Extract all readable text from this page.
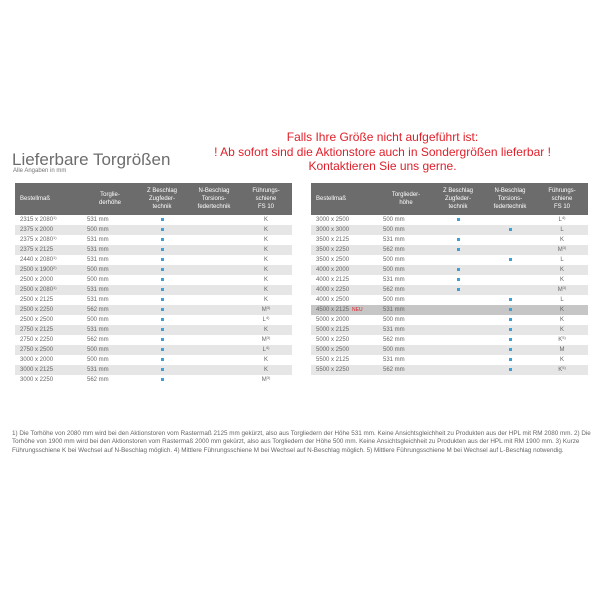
Falls Ihre Größe nicht aufgeführt ist:
! Ab sofort sind die Aktionstore auch in Sondergrößen lieferbar !
Kontaktieren Sie uns gerne.
Lieferbare Torgrößen
Alle Angaben in mm
Bestellmaß	Torglie-
derhöhe	Z Beschlag
Zugfeder-
technik	N-Beschlag
Torsions-
federtechnik	Führungs-
schiene
FS 10
2315 x 2080$^{1)}$	531 mm			K
2375 x 2000	500 mm			K
2375 x 2080$^{1)}$	531 mm			K
2375 x 2125	531 mm			K
2440 x 2080$^{1)}$	531 mm			K
2500 x 1900$^{2)}$	500 mm			K
2500 x 2000	500 mm			K
2500 x 2080$^{1)}$	531 mm			K
2500 x 2125	531 mm			K
2500 x 2250	562 mm			$M^{3)}$
2500 x 2500	500 mm			$L^{4)}$
2750 x 2125	531 mm			K
2750 x 2250	562 mm			$M^{3)}$
2750 x 2500	500 mm			$L^{4)}$
3000 x 2000	500 mm			K
3000 x 2125	531 mm			K
3000 x 2250	562 mm			$M^{3)}$
Bestellmaß	Torglieder-
höhe	Z Beschlag
Zugfeder-
technik	N-Beschlag
Torsions-
federtechnik	Führungs-
schiene
FS 10
3000 x 2500	500 mm			$L^{4)}$
3000 x 3000	500 mm			L
3500 x 2125	531 mm			K
3500 x 2250	562 mm			$M^{3)}$
3500 x 2500	500 mm			L
4000 x 2000	500 mm			K
4000 x 2125	531 mm			K
4000 x 2250	562 mm			$M^{3)}$
4000 x 2500	500 mm			L
4500 x 2125 NEU	531 mm			K
5000 x 2000	500 mm			K
5000 x 2125	531 mm			K
5000 x 2250	562 mm			$K^{5)}$
5000 x 2500	500 mm			M
5500 x 2125	531 mm			K
5500 x 2250	562 mm			$K^{5)}$
1) Die Torhöhe von 2080 mm wird bei den Aktionstoren vom Rastermaß 2125 mm gekürzt, also aus Torgliedern der Höhe 531 mm. Keine Ansichtsgleichheit zu Produkten aus der HPL mit RM 2080 mm. 2) Die Torhöhe von 1900 mm wird bei den Aktionstoren vom Rastermaß 2000 mm gekürzt, also aus Torgliedern der Höhe 500 mm. Keine Ansichtsgleichheit zu Produkten aus der HPL mit RM 1900 mm. 3) Kurze Führungsschiene K bei Wechsel auf N-Beschlag möglich. 4) Mittlere Führungsschiene M bei Wechsel auf N-Beschlag möglich. 5) Mittlere Führungsschiene M bei Wechsel auf L-Beschlag notwendig.
